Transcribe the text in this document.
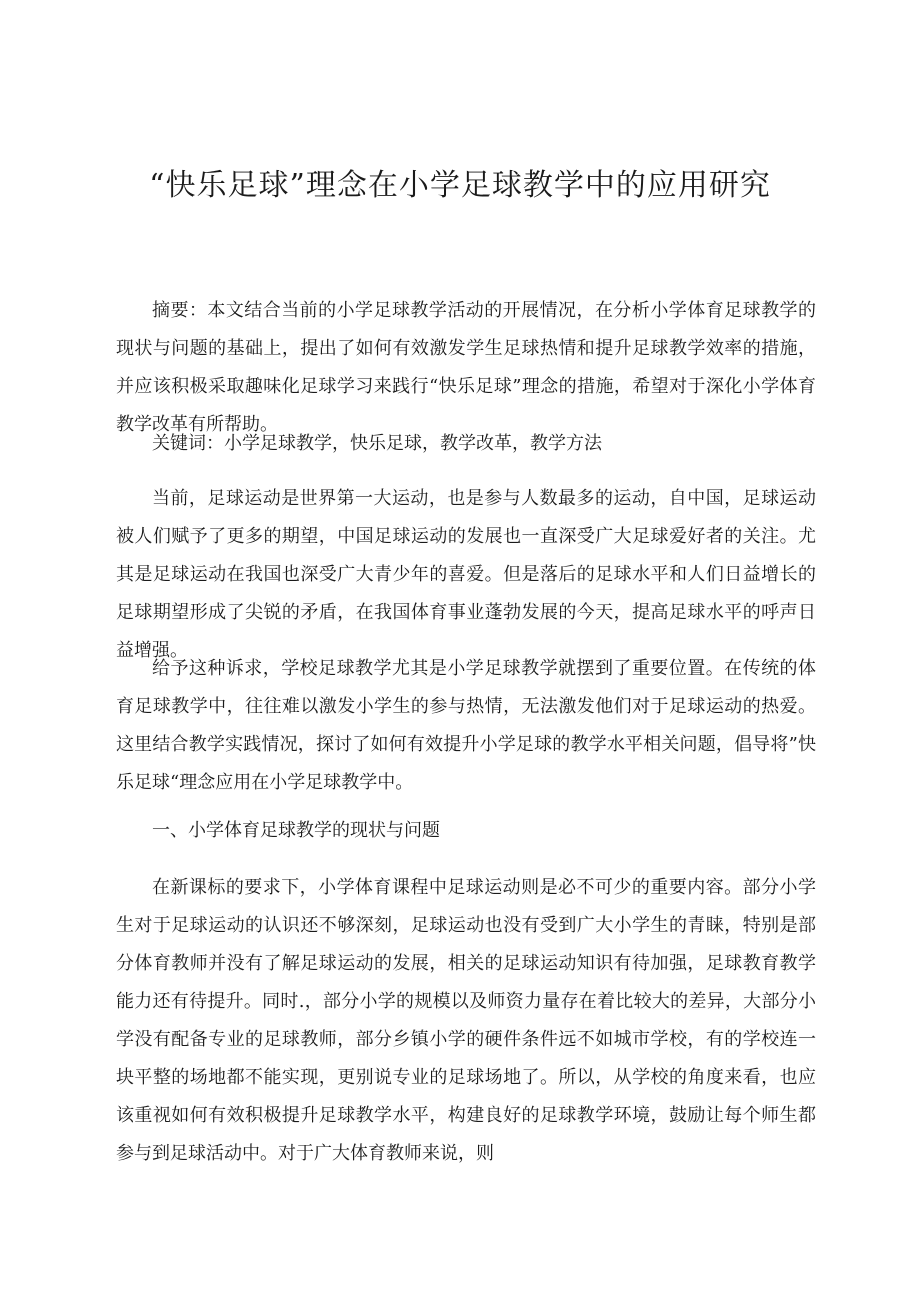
“快乐足球”理念在小学足球教学中的应用研究

摘要：本文结合当前的小学足球教学活动的开展情况，在分析小学体育足球教学的现状与问题的基础上，提出了如何有效激发学生足球热情和提升足球教学效率的措施，并应该积极采取趣味化足球学习来践行“快乐足球”理念的措施，希望对于深化小学体育教学改革有所帮助。

关键词：小学足球教学，快乐足球，教学改革，教学方法

当前，足球运动是世界第一大运动，也是参与人数最多的运动，自中国，足球运动被人们赋予了更多的期望，中国足球运动的发展也一直深受广大足球爱好者的关注。尤其是足球运动在我国也深受广大青少年的喜爱。但是落后的足球水平和人们日益增长的足球期望形成了尖锐的矛盾，在我国体育事业蓬勃发展的今天，提高足球水平的呼声日益增强。

给予这种诉求，学校足球教学尤其是小学足球教学就摆到了重要位置。在传统的体育足球教学中，往往难以激发小学生的参与热情，无法激发他们对于足球运动的热爱。这里结合教学实践情况，探讨了如何有效提升小学足球的教学水平相关问题，倡导将”快乐足球“理念应用在小学足球教学中。

一、小学体育足球教学的现状与问题

在新课标的要求下，小学体育课程中足球运动则是必不可少的重要内容。部分小学生对于足球运动的认识还不够深刻，足球运动也没有受到广大小学生的青睐，特别是部分体育教师并没有了解足球运动的发展，相关的足球运动知识有待加强，足球教育教学能力还有待提升。同时.，部分小学的规模以及师资力量存在着比较大的差异，大部分小学没有配备专业的足球教师，部分乡镇小学的硬件条件远不如城市学校，有的学校连一块平整的场地都不能实现，更别说专业的足球场地了。所以，从学校的角度来看，也应该重视如何有效积极提升足球教学水平，构建良好的足球教学环境，鼓励让每个师生都参与到足球活动中。对于广大体育教师来说，则
